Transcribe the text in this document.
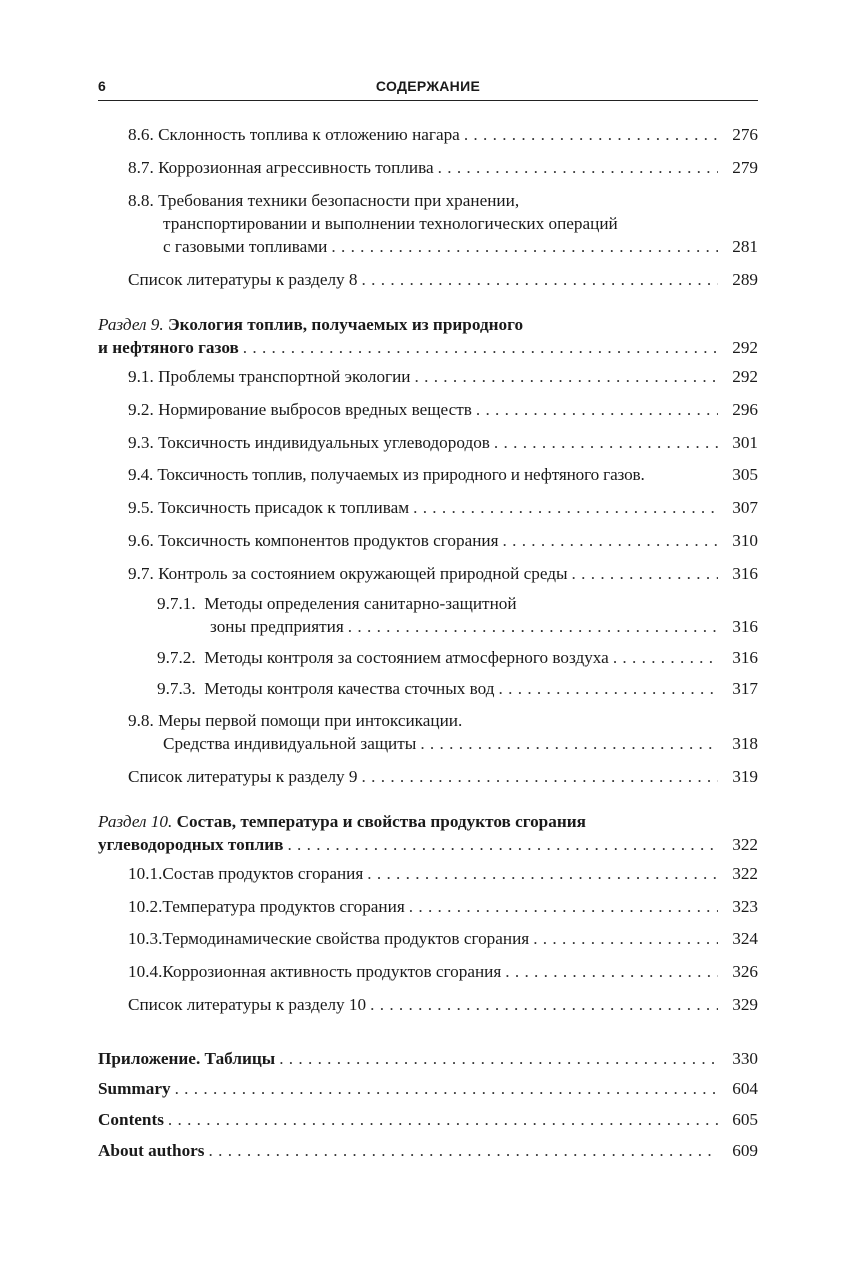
6	СОДЕРЖАНИЕ
8.6. Склонность топлива к отложению нагара . . .	276
8.7. Коррозионная агрессивность топлива . . .	279
8.8. Требования техники безопасности при хранении,
транспортировании и выполнении технологических операций
с газовыми топливами . . .	281
Список литературы к разделу 8 . . .	289
Раздел 9. Экология топлив, получаемых из природного
и нефтяного газов . . .	292
9.1. Проблемы транспортной экологии . . .	292
9.2. Нормирование выбросов вредных веществ . . .	296
9.3. Токсичность индивидуальных углеводородов . . .	301
9.4. Токсичность топлив, получаемых из природного и нефтяного газов.	305
9.5. Токсичность присадок к топливам . . .	307
9.6. Токсичность компонентов продуктов сгорания . . .	310
9.7. Контроль за состоянием окружающей природной среды . . .	316
9.7.1. Методы определения санитарно-защитной
зоны предприятия . . .	316
9.7.2. Методы контроля за состоянием атмосферного воздуха . . .	316
9.7.3. Методы контроля качества сточных вод . . .	317
9.8. Меры первой помощи при интоксикации.
Средства индивидуальной защиты . . .	318
Список литературы к разделу 9 . . .	319
Раздел 10. Состав, температура и свойства продуктов сгорания
углеводородных топлив . . .	322
10.1.Состав продуктов сгорания . . .	322
10.2.Температура продуктов сгорания . . .	323
10.3.Термодинамические свойства продуктов сгорания . . .	324
10.4.Коррозионная активность продуктов сгорания . . .	326
Список литературы к разделу 10 . . .	329
Приложение. Таблицы . . .	330
Summary . . .	604
Contents . . .	605
About authors . . .	609
